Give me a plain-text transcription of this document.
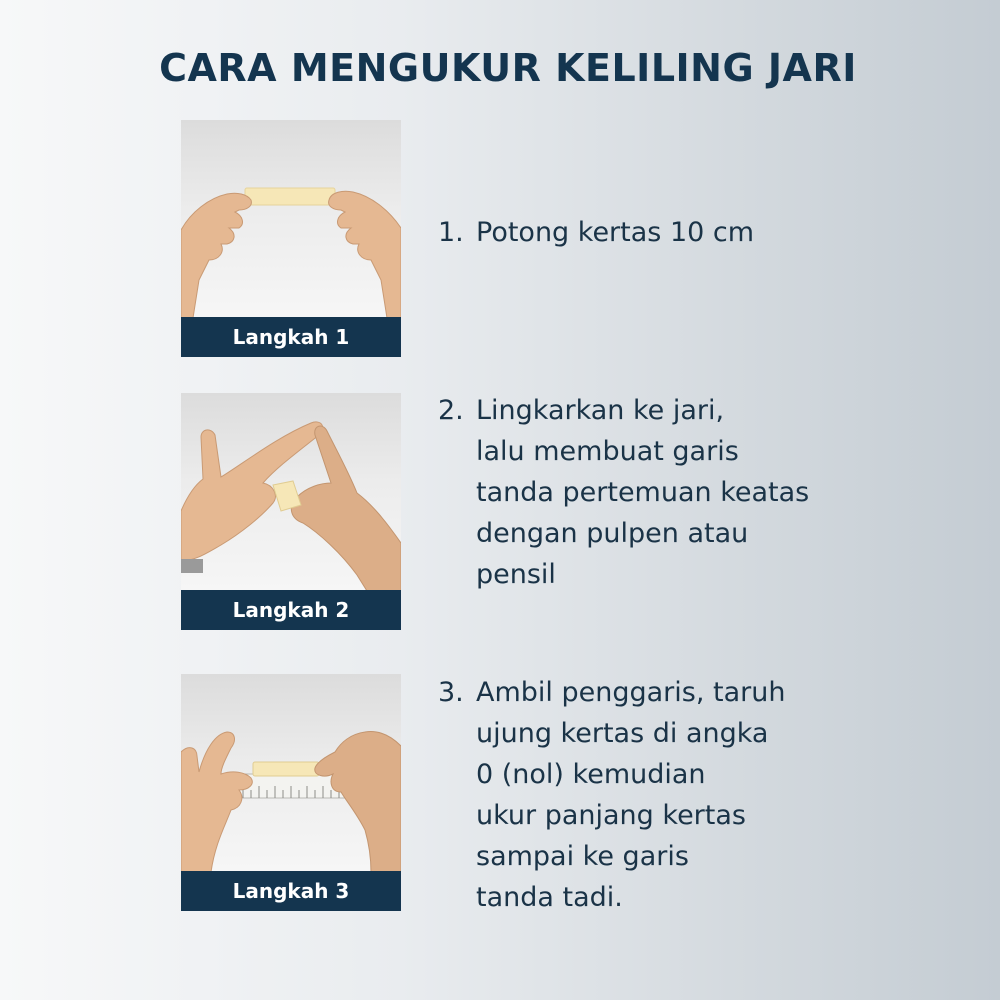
CARA MENGUKUR KELILING JARI
Langkah 1
1. Potong kertas 10 cm
Langkah 2
2. Lingkarkan ke jari,
lalu membuat garis
tanda pertemuan keatas
dengan pulpen atau
pensil
Langkah 3
3. Ambil penggaris, taruh
ujung kertas di angka
0 (nol) kemudian
ukur panjang kertas
sampai ke garis
tanda tadi.
